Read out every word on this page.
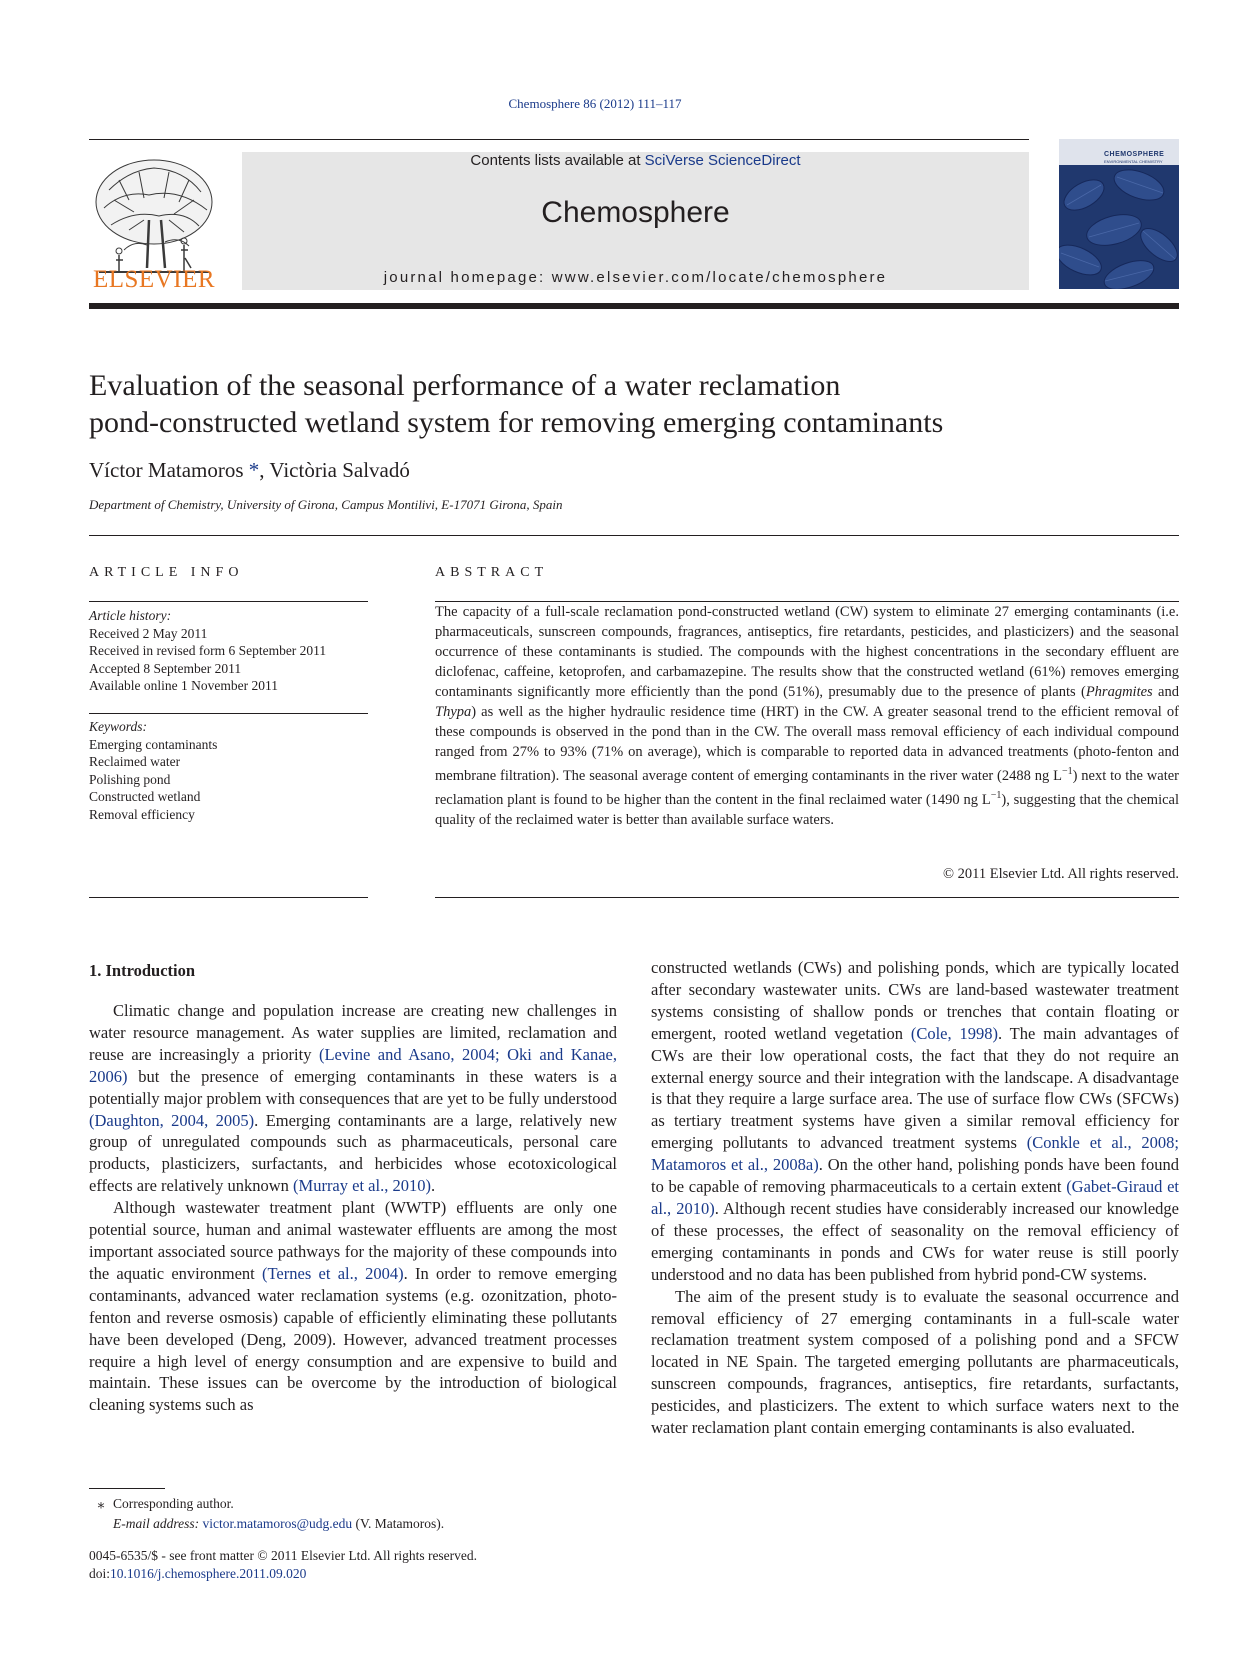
Chemosphere 86 (2012) 111–117
ELSEVIER
Contents lists available at SciVerse ScienceDirect
Chemosphere
journal homepage: www.elsevier.com/locate/chemosphere
CHEMOSPHERE
ENVIRONMENTAL CHEMISTRY
Evaluation of the seasonal performance of a water reclamation
pond-constructed wetland system for removing emerging contaminants
Víctor Matamoros *, Victòria Salvadó
Department of Chemistry, University of Girona, Campus Montilivi, E-17071 Girona, Spain
ARTICLE INFO
Article history:
Received 2 May 2011
Received in revised form 6 September 2011
Accepted 8 September 2011
Available online 1 November 2011
Keywords:
Emerging contaminants
Reclaimed water
Polishing pond
Constructed wetland
Removal efficiency
ABSTRACT
The capacity of a full-scale reclamation pond-constructed wetland (CW) system to eliminate 27 emerging contaminants (i.e. pharmaceuticals, sunscreen compounds, fragrances, antiseptics, fire retardants, pesticides, and plasticizers) and the seasonal occurrence of these contaminants is studied. The compounds with the highest concentrations in the secondary effluent are diclofenac, caffeine, ketoprofen, and carbamazepine. The results show that the constructed wetland (61%) removes emerging contaminants significantly more efficiently than the pond (51%), presumably due to the presence of plants (Phragmites and Thypa) as well as the higher hydraulic residence time (HRT) in the CW. A greater seasonal trend to the efficient removal of these compounds is observed in the pond than in the CW. The overall mass removal efficiency of each individual compound ranged from 27% to 93% (71% on average), which is comparable to reported data in advanced treatments (photo-fenton and membrane filtration). The seasonal average content of emerging contaminants in the river water (2488 ng $L^{-1}$) next to the water reclamation plant is found to be higher than the content in the final reclaimed water (1490 ng $L^{-1}$), suggesting that the chemical quality of the reclaimed water is better than available surface waters.
© 2011 Elsevier Ltd. All rights reserved.
1. Introduction

Climatic change and population increase are creating new challenges in water resource management. As water supplies are limited, reclamation and reuse are increasingly a priority (Levine and Asano, 2004; Oki and Kanae, 2006) but the presence of emerging contaminants in these waters is a potentially major problem with consequences that are yet to be fully understood (Daughton, 2004, 2005). Emerging contaminants are a large, relatively new group of unregulated compounds such as pharmaceuticals, personal care products, plasticizers, surfactants, and herbicides whose ecotoxicological effects are relatively unknown (Murray et al., 2010).

Although wastewater treatment plant (WWTP) effluents are only one potential source, human and animal wastewater effluents are among the most important associated source pathways for the majority of these compounds into the aquatic environment (Ternes et al., 2004). In order to remove emerging contaminants, advanced water reclamation systems (e.g. ozonitzation, photo-fenton and reverse osmosis) capable of efficiently eliminating these pollutants have been developed (Deng, 2009). However, advanced treatment processes require a high level of energy consumption and are expensive to build and maintain. These issues can be overcome by the introduction of biological cleaning systems such as

constructed wetlands (CWs) and polishing ponds, which are typically located after secondary wastewater units. CWs are land-based wastewater treatment systems consisting of shallow ponds or trenches that contain floating or emergent, rooted wetland vegetation (Cole, 1998). The main advantages of CWs are their low operational costs, the fact that they do not require an external energy source and their integration with the landscape. A disadvantage is that they require a large surface area. The use of surface flow CWs (SFCWs) as tertiary treatment systems have given a similar removal efficiency for emerging pollutants to advanced treatment systems (Conkle et al., 2008; Matamoros et al., 2008a). On the other hand, polishing ponds have been found to be capable of removing pharmaceuticals to a certain extent (Gabet-Giraud et al., 2010). Although recent studies have considerably increased our knowledge of these processes, the effect of seasonality on the removal efficiency of emerging contaminants in ponds and CWs for water reuse is still poorly understood and no data has been published from hybrid pond-CW systems.

The aim of the present study is to evaluate the seasonal occurrence and removal efficiency of 27 emerging contaminants in a full-scale water reclamation treatment system composed of a polishing pond and a SFCW located in NE Spain. The targeted emerging pollutants are pharmaceuticals, sunscreen compounds, fragrances, antiseptics, fire retardants, surfactants, pesticides, and plasticizers. The extent to which surface waters next to the water reclamation plant contain emerging contaminants is also evaluated.

⁎ Corresponding author.
E-mail address: victor.matamoros@udg.edu (V. Matamoros).
0045-6535/$ - see front matter © 2011 Elsevier Ltd. All rights reserved.
doi:10.1016/j.chemosphere.2011.09.020
